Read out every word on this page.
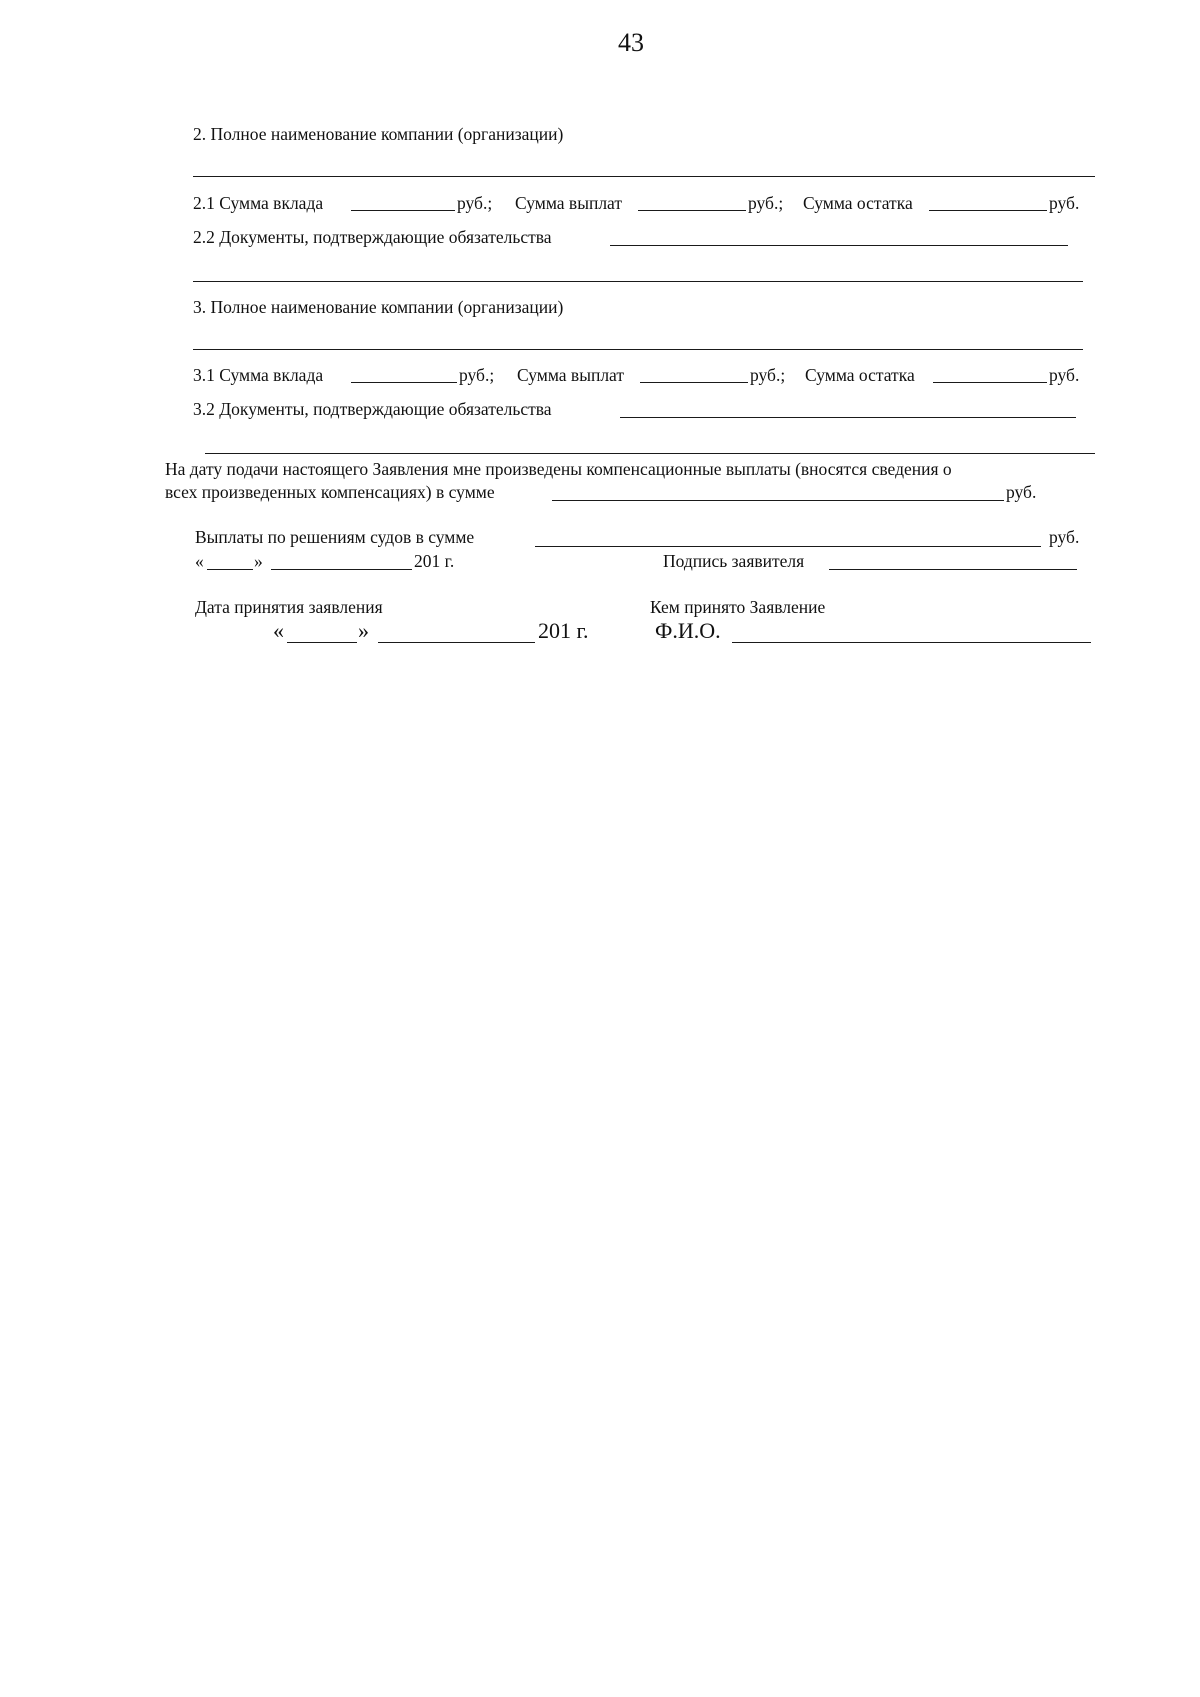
43
2. Полное наименование компании (организации)
2.1 Сумма вклада	руб.; Сумма выплат	руб.; Сумма остатка	руб.
2.2 Документы, подтверждающие обязательства
3. Полное наименование компании (организации)
3.1 Сумма вклада	руб.; Сумма выплат	руб.; Сумма остатка	руб.
3.2 Документы, подтверждающие обязательства
На дату подачи настоящего Заявления мне произведены компенсационные выплаты (вносятся сведения о
всех произведенных компенсациях) в сумме	руб.
Выплаты по решениям судов в сумме	руб.
«	»	201 г.	Подпись заявителя
Дата принятия заявления	Кем принято Заявление
«	»	201 г.	Ф.И.О.
